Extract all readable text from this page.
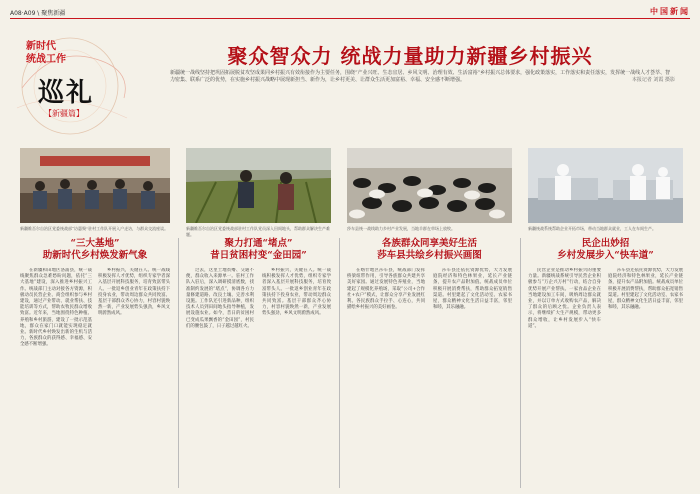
A08·A09 \ 聚焦新疆	中国新闻
新时代
统战工作
巡礼
【新疆篇】
聚众智众力 统战力量助力新疆乡村振兴
新疆统一战线坚持把巩固拓展脱贫攻坚成果同乡村振兴有效衔接作为主要任务，围绕“产业兴旺、生态宜居、乡风文明、治理有效、生活富裕”乡村振兴总体要求，强化政策落实，工作落实和责任落实，发挥统一战线人才荟萃、智力密集、联系广泛的优势，在实施乡村振兴战略中展现新担当、新作为，让乡村更美、让群众生活更加富裕、幸福、安全感不断增强。	本报记者 刘霞 摄影
新疆维吾尔自治区党委统战部“访惠聚”驻村工作队开展入户走访，与群众交流座谈。	新疆维吾尔自治区党委统战部驻村工作队党员深入田间地头，帮助群众解决生产难题。
莎车县统一战线助力乡村产业发展，当地羊群在草场上放牧。	新疆统战系统帮助企业开拓市场，带动当地群众就业，工人在车间生产。
“三大基地”
助新时代乡村焕发新气象
聚力打通“堵点”
昔日贫困村变“金田园”
各族群众同享美好生活
莎车县共绘乡村振兴画图
民企出妙招
乡村发展步入“快车道”

在新疆和田地区洛浦县，统一战线聚焦群众急难愁盼问题，依托“三大基地”建设，深入推进乡村振兴工作。统战部门主动对接各方资源，积极动员民营企业、商会组织参与乡村建设，通过产业带动、就业帮扶、技能培训等方式，帮助农牧民群众增收致富。近年来，当地围绕特色种植、养殖和乡村旅游，建设了一批示范基地，群众在家门口就能实现稳定就业。新时代乡村焕发出新的生机与活力，各族群众的获得感、幸福感、安全感不断增强。

乡村振兴，关键在人。统一战线积极发挥人才优势，组织专家学者深入基层开展科技服务，培育致富带头人。一批返乡创业青年在政策扶持下投身农业，带动周边群众共同致富。基层干部群众齐心协力，村容村貌焕然一新，产业发展势头强劲，乡风文明蔚然成风。

过去，这里土地贫瘠、交通不便，群众收入来源单一。驻村工作队入驻后，深入调研摸清底数，找准制约发展的“堵点”，协调各方力量修建道路、改良土壤、完善水利设施。工作队还引进新品种，组织技术人员到田间地头指导种植，发展设施农业。如今，昔日的贫困村已变成瓜果飘香的“金田园”，村民们的腰包鼓了，日子越过越红火。

乡村振兴，关键在人。统一战线积极发挥人才优势，组织专家学者深入基层开展科技服务，培育致富带头人。一批返乡创业青年在政策扶持下投身农业，带动周边群众共同致富。基层干部群众齐心协力，村容村貌焕然一新，产业发展势头强劲，乡风文明蔚然成风。

在喀什地区莎车县，统战部门发挥桥梁纽带作用，引导各族群众共建共享美好家园。通过发展特色养殖业，当地建起了规模化养殖场，采取“公司+合作社+农户”模式，让群众分享产业发展红利。各民族群众手拉手、心连心，共同描绘乡村振兴的美好画卷。

莎车县还依托资源优势，大力发展庭院经济和特色林果业，延长产业链条，提升农产品附加值。统战成员单位积极开展消费帮扶，帮助群众拓宽销售渠道。村里建起了文化活动室、农家书屋，群众精神文化生活日益丰富，邻里和睦，其乐融融。

民营企业是推动乡村振兴的重要力量。新疆统战系统引导民营企业积极参与“万企兴万村”行动，结合自身优势开展产业帮扶。一家食品企业在当地建设加工车间，吸纳周边群众就业，并以订单方式收购农产品，解决了群众的后顾之忧。企业负责人表示，将继续扩大生产规模，带动更多群众增收，让乡村发展步入“快车道”。

莎车县还依托资源优势，大力发展庭院经济和特色林果业，延长产业链条，提升农产品附加值。统战成员单位积极开展消费帮扶，帮助群众拓宽销售渠道。村里建起了文化活动室、农家书屋，群众精神文化生活日益丰富，邻里和睦，其乐融融。
